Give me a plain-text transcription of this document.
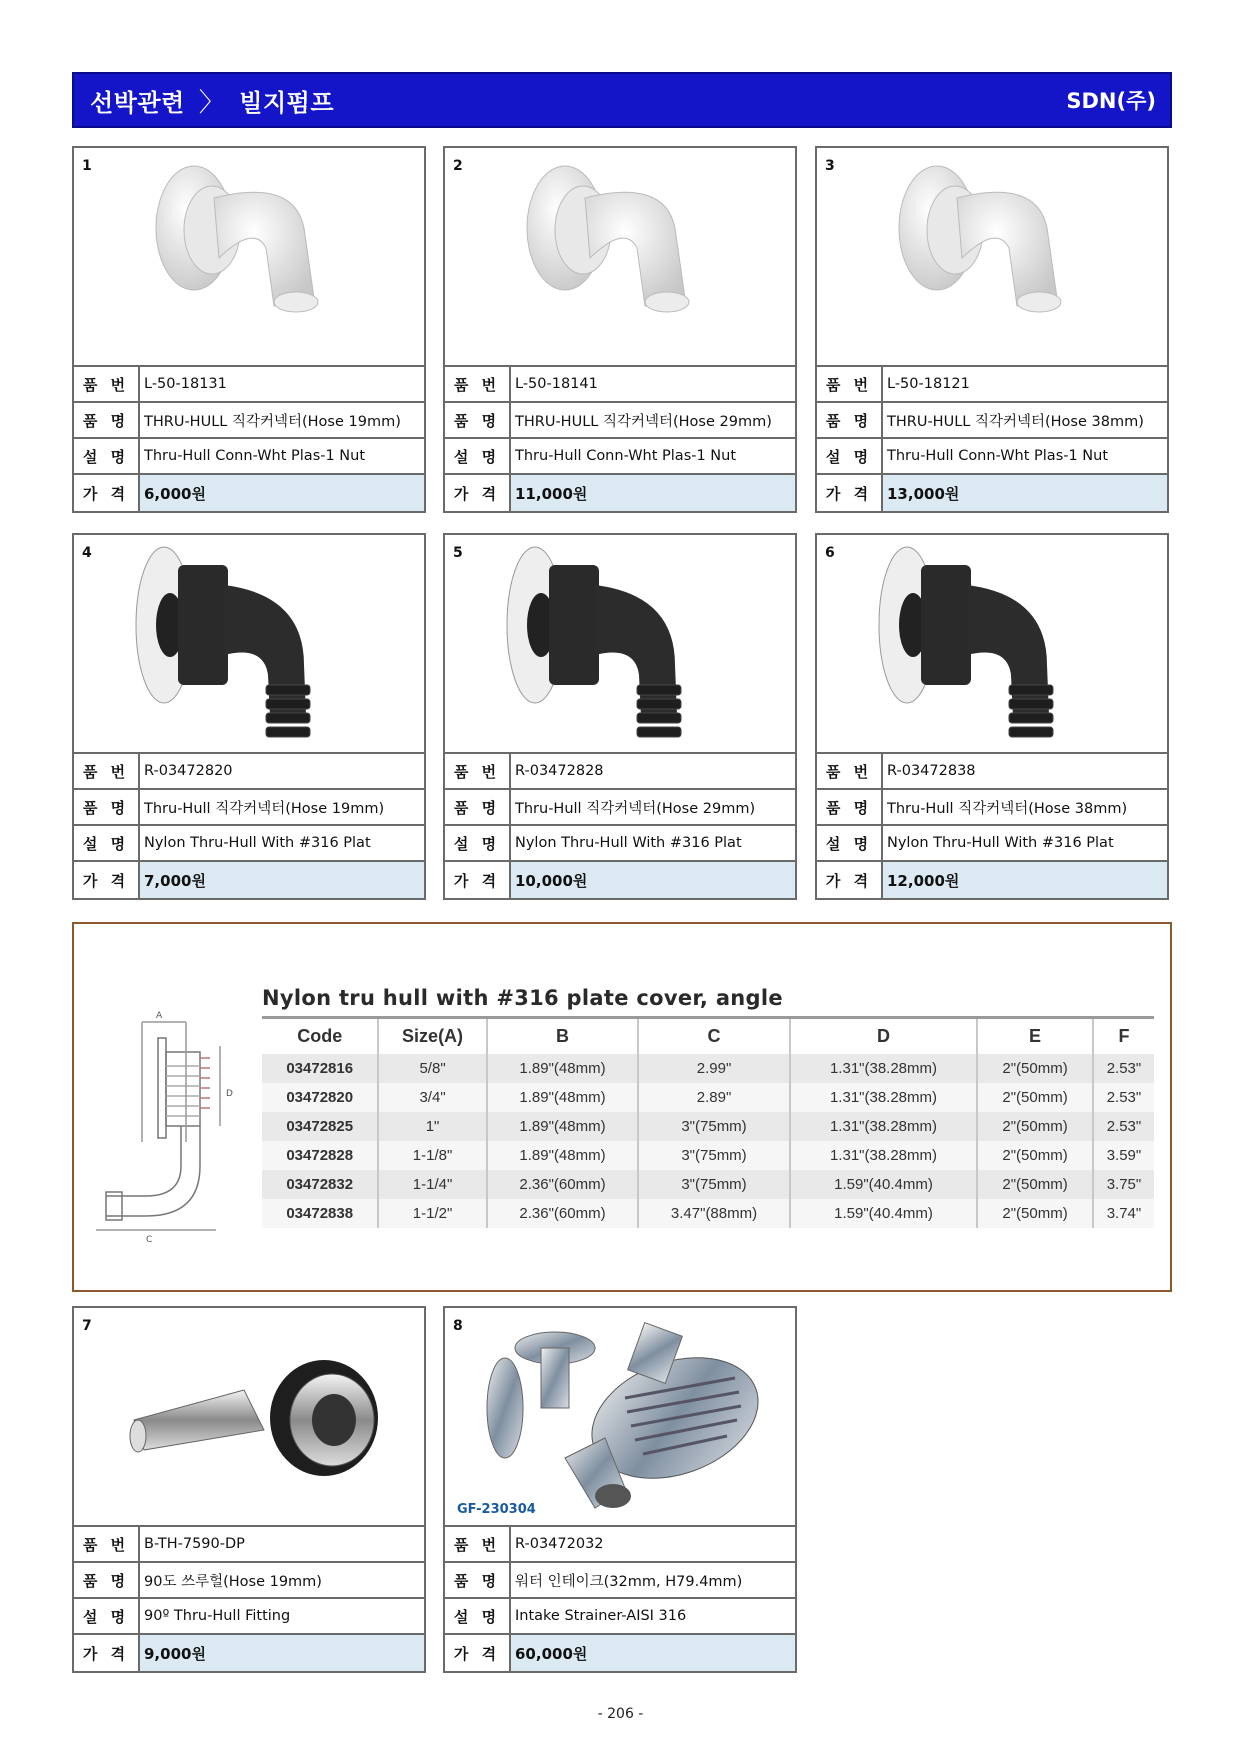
선박관련 〉 빌지펌프	SDN(주)
1
품 번	L-50-18131
품 명	THRU-HULL 직각커넥터(Hose 19mm)
설 명	Thru-Hull Conn-Wht Plas-1 Nut
가 격 6,000원
2
품 번	L-50-18141
품 명	THRU-HULL 직각커넥터(Hose 29mm)
설 명	Thru-Hull Conn-Wht Plas-1 Nut
가 격 11,000원
3
품 번	L-50-18121
품 명	THRU-HULL 직각커넥터(Hose 38mm)
설 명	Thru-Hull Conn-Wht Plas-1 Nut
가 격 13,000원
4
품 번	R-03472820
품 명	Thru-Hull 직각커넥터(Hose 19mm)
설 명	Nylon Thru-Hull With #316 Plat
가 격 7,000원
5
품 번	R-03472828
품 명	Thru-Hull 직각커넥터(Hose 29mm)
설 명	Nylon Thru-Hull With #316 Plat
가 격 10,000원
6
품 번	R-03472838
품 명	Thru-Hull 직각커넥터(Hose 38mm)
설 명	Nylon Thru-Hull With #316 Plat
가 격 12,000원
7
품 번	B-TH-7590-DP
품 명	90도 쓰루헐(Hose 19mm)
설 명	90º Thru-Hull Fitting
가 격 9,000원
8
GF-230304
품 번	R-03472032
품 명	워터 인테이크(32mm, H79.4mm)
설 명	Intake Strainer-AISI 316
가 격 60,000원
A
C
D
Nylon tru hull with #316 plate cover, angle
Code	Size(A)	B	C	D	E	F
03472816	5/8"	1.89"(48mm)	2.99"	1.31"(38.28mm)	2"(50mm)	2.53"
03472820	3/4"	1.89"(48mm)	2.89"	1.31"(38.28mm)	2"(50mm)	2.53"
03472825	1"	1.89"(48mm)	3"(75mm)	1.31"(38.28mm)	2"(50mm)	2.53"
03472828	1-1/8"	1.89"(48mm)	3"(75mm)	1.31"(38.28mm)	2"(50mm)	3.59"
03472832	1-1/4"	2.36"(60mm)	3"(75mm)	1.59"(40.4mm)	2"(50mm)	3.75"
03472838	1-1/2"	2.36"(60mm)	3.47"(88mm)	1.59"(40.4mm)	2"(50mm)	3.74"
- 206 -
